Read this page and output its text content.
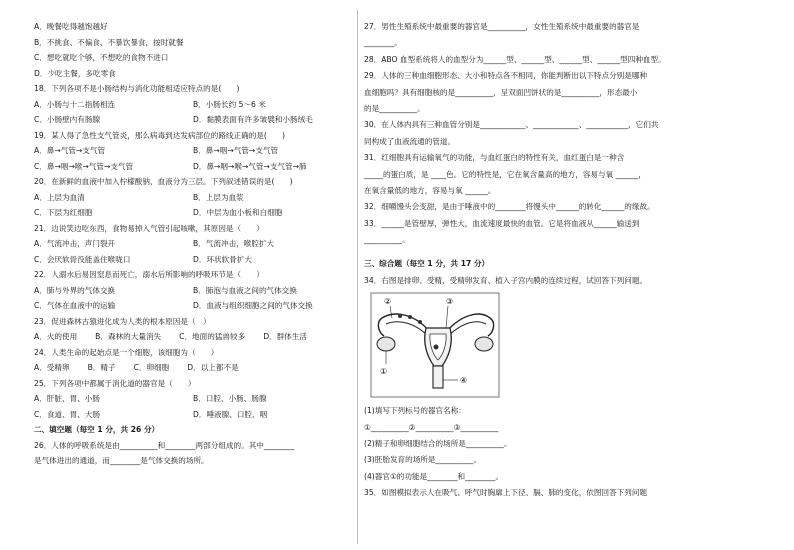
A．晚餐吃得越饱越好
B．不挑食、不偏食、不暴饮暴食，按时就餐
C．想吃就吃个够，不想吃的食物不进口
D．少吃主餐，多吃零食
18．下列各项不是小肠结构与消化功能相适应特点的是(　　)
A．小肠与十二指肠相连	B．小肠长约 5～6 米
C．小肠壁内有肠腺	D．黏膜表面有许多皱襞和小肠绒毛
19．某人得了急性支气管炎，那么病毒到达发病部位的路线正确的是(　　)
A．鼻→气管→支气管	B．鼻→咽→气管→支气管
C．鼻→咽→喉→气管→支气管	D．鼻→咽→喉→气管→支气管→肺
20．在新鲜的血液中加入柠檬酸钠，血液分为三层。下列叙述错误的是(　　)
A．上层为血清	B．上层为血浆
C．下层为红细胞	D．中层为血小板和白细胞
21．边说笑边吃东西，食物易掉入气管引起咳嗽，其原因是（　　）
A．气流冲击，声门裂开	B．气流冲击，喉腔扩大
C．会厌软骨没能盖住喉咙口	D．环状软骨扩大
22．人溺水后易因窒息而死亡，溺水后所影响的呼吸环节是（　　）
A．肺与外界的气体交换	B．肺泡与血液之间的气体交换
C．气体在血液中的运输	D．血液与组织细胞之间的气体交换
23．促进森林古猿进化成为人类的根本原因是（　）
A．火的使用 B．森林的大量消失 C．地面的猛兽较多 D．群体生活
24．人类生命的起始点是一个细胞，该细胞为（　　）
A．受精卵 B．精子 C．卵细胞 D．以上都不是
25．下列各项中都属于消化道的器官是（　　）
A．肝脏、胃、小肠	B．口腔、小肠、肠腺
C．食道、胃、大肠	D．唾液腺、口腔、咽
二、填空题（每空 1 分，共 26 分）
26．人体的呼吸系统是由__________和________两部分组成的。其中________
是气体进出的通道，而________是气体交换的场所。
27．男性生殖系统中最重要的器官是__________，女性生殖系统中最重要的器官是
________。
28．ABO 血型系统将人的血型分为______型、______型、______型、______型四种血型。
29．人体的三种血细胞形态、大小和特点各不相同，你能判断出以下特点分别是哪种
血细胞吗？具有细胞核的是__________，呈双面凹饼状的是__________，形态最小
的是__________。
30．在人体内具有三种血管分别是____________、____________、___________，它们共
同构成了血液流通的管道。
31．红细胞具有运输氧气的功能，与血红蛋白的特性有关，血红蛋白是一种含
_____的蛋白质，是 ____色。它的特性是，它在氧含量高的地方，容易与氧 ______，
在氧含量低的地方，容易与氧 ______。
32．细嚼馒头会变甜，是由于唾液中的________将馒头中______的转化______的缘故。
33．______是管壁厚，弹性大，血流速度最快的血管。它是将血液从______输送到
__________。
三、综合题（每空 1 分，共 17 分）
34．右图是排卵、受精、受精卵发育、植入子宫内膜的连续过程，试回答下列问题。
①
②	③
④
(1)填写下列标号的器官名称：
①__________②__________③__________
(2)精子和卵细胞结合的场所是__________。
(3)胚胎发育的场所是__________。
(4)器官①的功能是________和________。
35．如图模拟表示人在吸气、呼气时胸廓上下径、膈、肺的变化，依图回答下列问题
